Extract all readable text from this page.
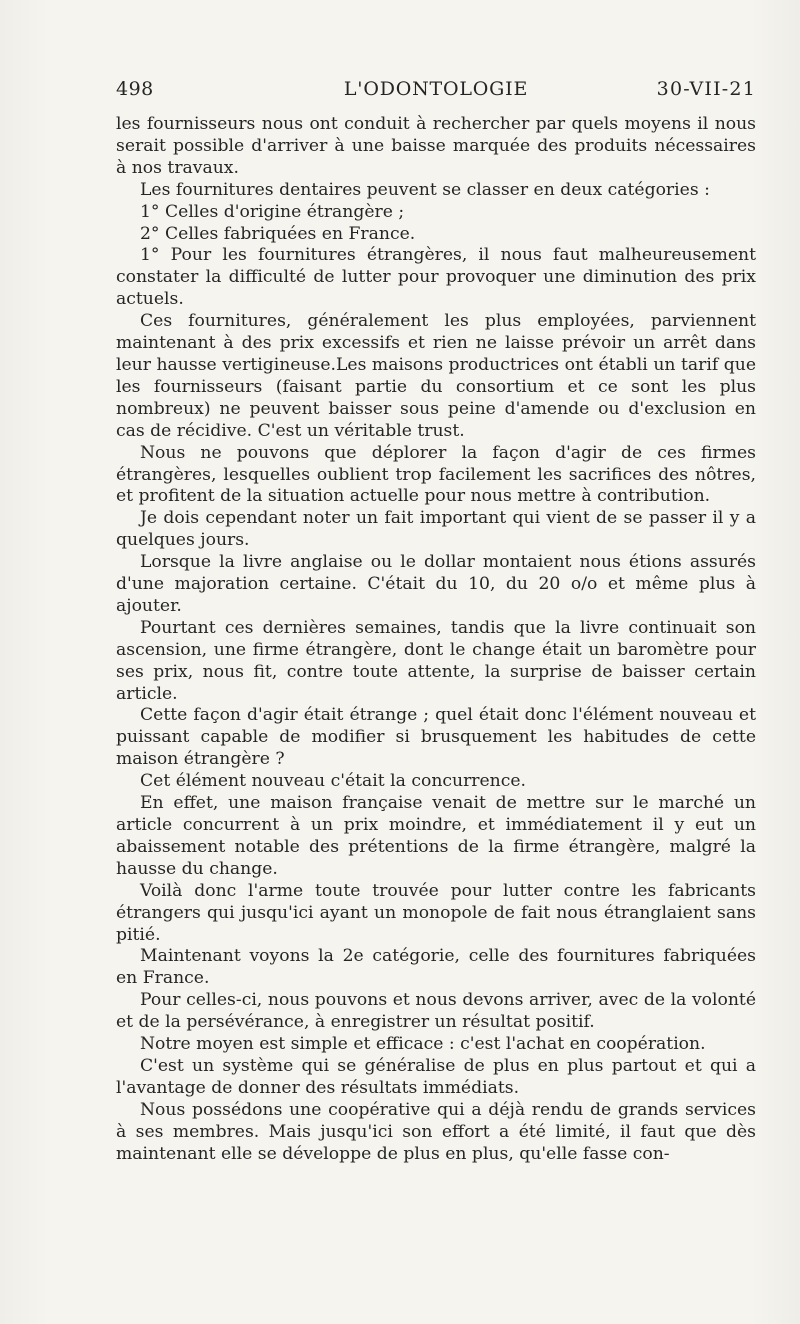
498	L'ODONTOLOGIE	30-VII-21

les fournisseurs nous ont conduit à rechercher par quels moyens il nous serait possible d'arriver à une baisse marquée des produits nécessaires à nos travaux.

Les fournitures dentaires peuvent se classer en deux catégories :

1° Celles d'origine étrangère ;

2° Celles fabriquées en France.

1° Pour les fournitures étrangères, il nous faut malheureusement constater la difficulté de lutter pour provoquer une diminution des prix actuels.

Ces fournitures, généralement les plus employées, parviennent maintenant à des prix excessifs et rien ne laisse prévoir un arrêt dans leur hausse vertigineuse.Les maisons productrices ont établi un tarif que les fournisseurs (faisant partie du consortium et ce sont les plus nombreux) ne peuvent baisser sous peine d'amende ou d'exclusion en cas de récidive. C'est un véritable trust.

Nous ne pouvons que déplorer la façon d'agir de ces firmes étrangères, lesquelles oublient trop facilement les sacrifices des nôtres, et profitent de la situation actuelle pour nous mettre à contribution.

Je dois cependant noter un fait important qui vient de se passer il y a quelques jours.

Lorsque la livre anglaise ou le dollar montaient nous étions assurés d'une majoration certaine. C'était du 10, du 20 o/o et même plus à ajouter.

Pourtant ces dernières semaines, tandis que la livre continuait son ascension, une firme étrangère, dont le change était un baromètre pour ses prix, nous fit, contre toute attente, la surprise de baisser certain article.

Cette façon d'agir était étrange ; quel était donc l'élément nouveau et puissant capable de modifier si brusquement les habitudes de cette maison étrangère ?

Cet élément nouveau c'était la concurrence.

En effet, une maison française venait de mettre sur le marché un article concurrent à un prix moindre, et immédiatement il y eut un abaissement notable des prétentions de la firme étrangère, malgré la hausse du change.

Voilà donc l'arme toute trouvée pour lutter contre les fabricants étrangers qui jusqu'ici ayant un monopole de fait nous étranglaient sans pitié.

Maintenant voyons la 2e catégorie, celle des fournitures fabriquées en France.

Pour celles-ci, nous pouvons et nous devons arriver, avec de la volonté et de la persévérance, à enregistrer un résultat positif.

Notre moyen est simple et efficace : c'est l'achat en coopération.

C'est un système qui se généralise de plus en plus partout et qui a l'avantage de donner des résultats immédiats.

Nous possédons une coopérative qui a déjà rendu de grands services à ses membres. Mais jusqu'ici son effort a été limité, il faut que dès maintenant elle se développe de plus en plus, qu'elle fasse con-
